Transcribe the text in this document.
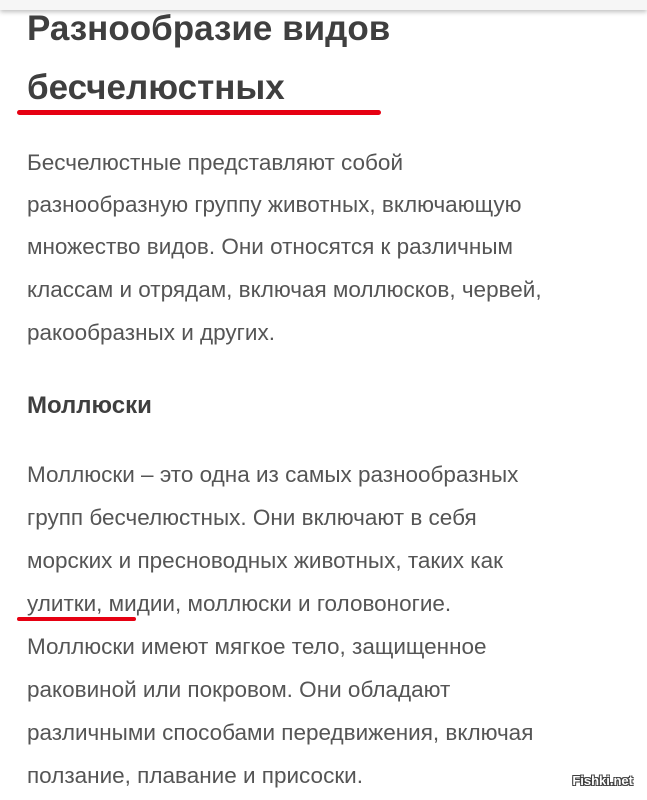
Разнообразие видов
бесчелюстных
Бесчелюстные представляют собой
разнообразную группу животных, включающую
множество видов. Они относятся к различным
классам и отрядам, включая моллюсков, червей,
ракообразных и других.
Моллюски
Моллюски – это одна из самых разнообразных
групп бесчелюстных. Они включают в себя
морских и пресноводных животных, таких как
улитки, мидии, моллюски и головоногие.
Моллюски имеют мягкое тело, защищенное
раковиной или покровом. Они обладают
различными способами передвижения, включая
ползание, плавание и присоски.	Fishki.net
